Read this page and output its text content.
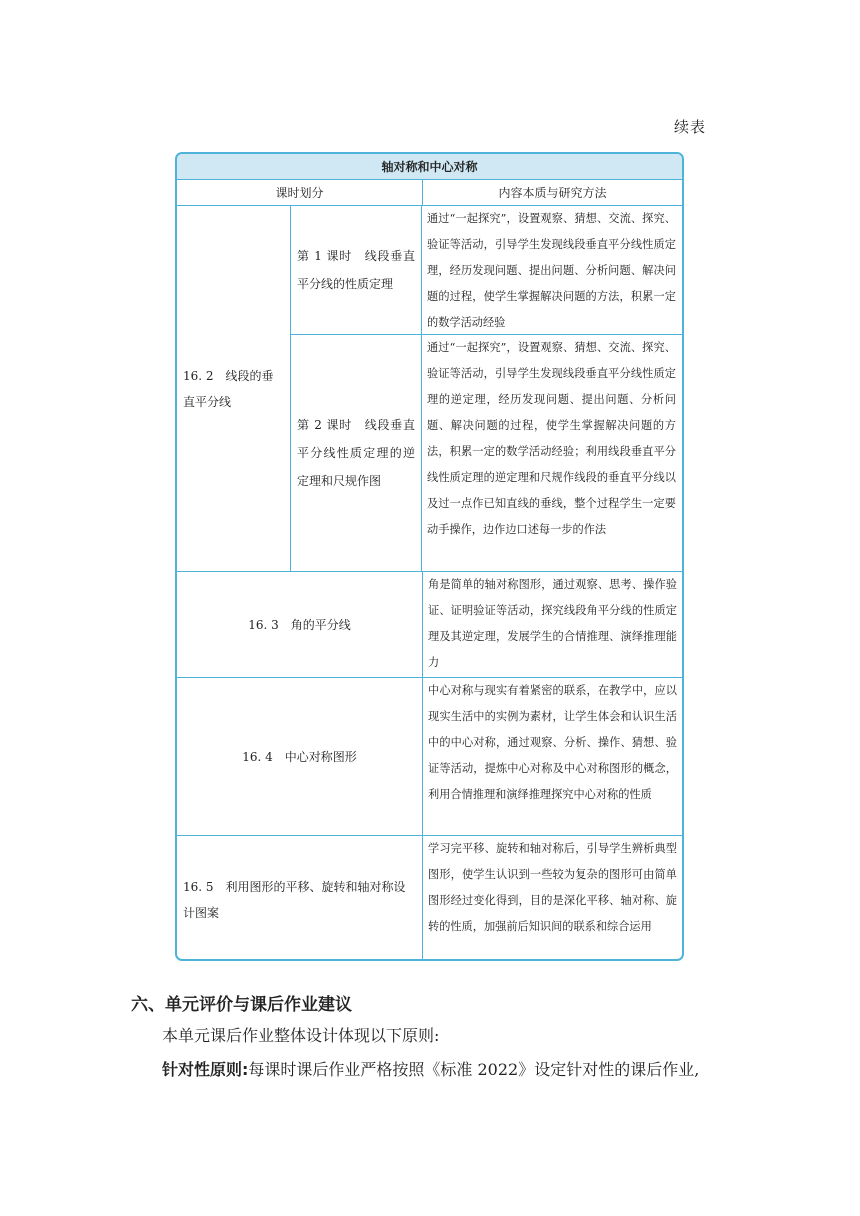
续表
轴对称和中心对称
课时划分	内容本质与研究方法
16. 2　线段的垂直平分线
第 1 课时　线段垂直平分线的性质定理
通过“一起探究”，设置观察、猜想、交流、探究、验证等活动，引导学生发现线段垂直平分线性质定理，经历发现问题、提出问题、分析问题、解决问题的过程，使学生掌握解决问题的方法，积累一定的数学活动经验
第 2 课时　线段垂直平分线性质定理的逆定理和尺规作图
通过“一起探究”，设置观察、猜想、交流、探究、验证等活动，引导学生发现线段垂直平分线性质定理的逆定理，经历发现问题、提出问题、分析问题、解决问题的过程，使学生掌握解决问题的方法，积累一定的数学活动经验；利用线段垂直平分线性质定理的逆定理和尺规作线段的垂直平分线以及过一点作已知直线的垂线，整个过程学生一定要动手操作，边作边口述每一步的作法
16. 3　角的平分线
角是简单的轴对称图形，通过观察、思考、操作验证、证明验证等活动，探究线段角平分线的性质定理及其逆定理，发展学生的合情推理、演绎推理能力
16. 4　中心对称图形
中心对称与现实有着紧密的联系，在教学中，应以现实生活中的实例为素材，让学生体会和认识生活中的中心对称，通过观察、分析、操作、猜想、验证等活动，提炼中心对称及中心对称图形的概念，利用合情推理和演绎推理探究中心对称的性质
16. 5　利用图形的平移、旋转和轴对称设计图案
学习完平移、旋转和轴对称后，引导学生辨析典型图形，使学生认识到一些较为复杂的图形可由简单图形经过变化得到，目的是深化平移、轴对称、旋转的性质，加强前后知识间的联系和综合运用
六、单元评价与课后作业建议
本单元课后作业整体设计体现以下原则:
针对性原则:每课时课后作业严格按照《标准 2022》设定针对性的课后作业,
